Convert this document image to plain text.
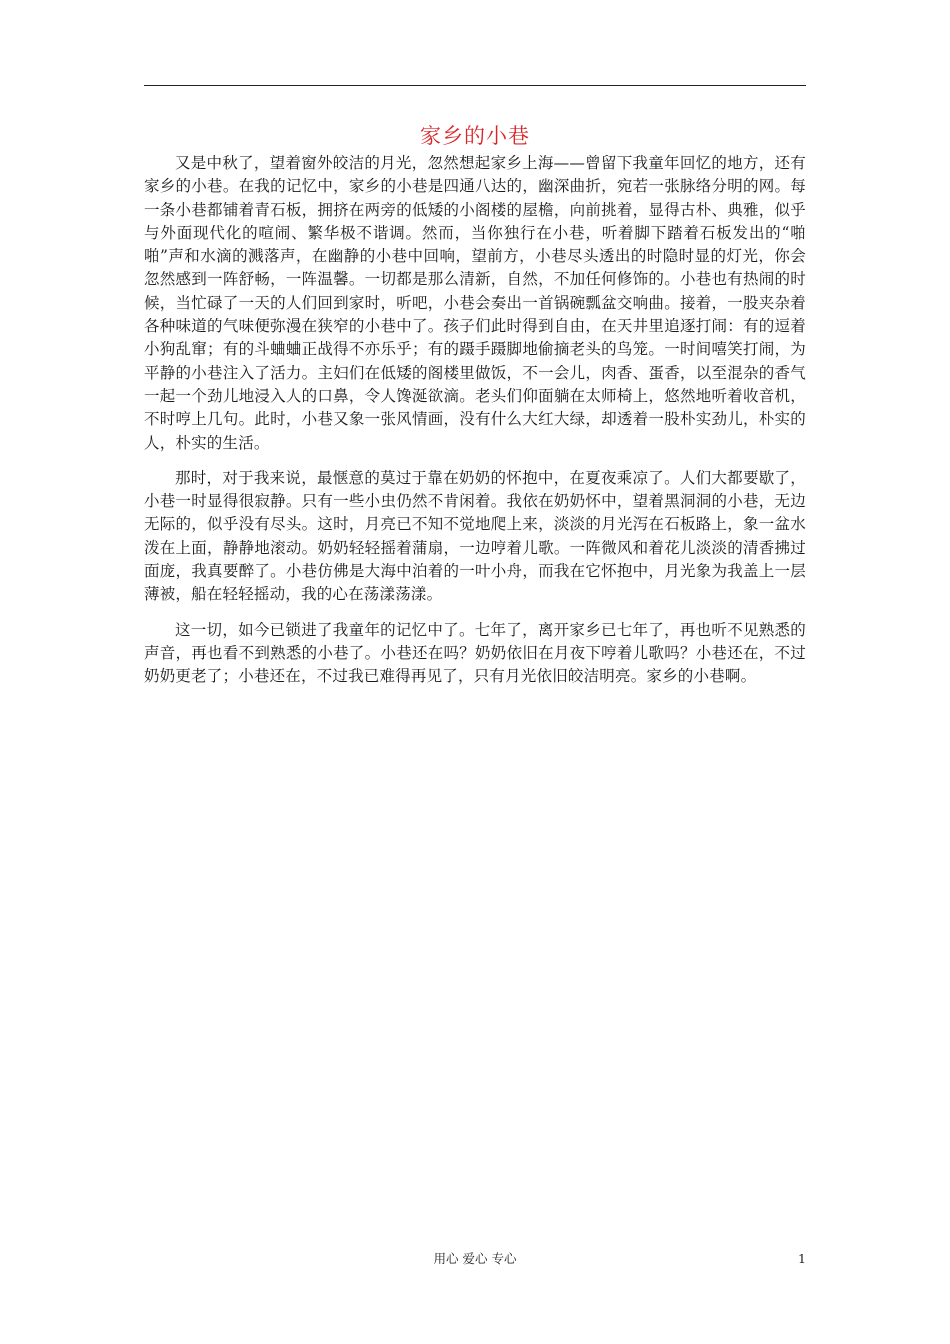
家乡的小巷

又是中秋了，望着窗外皎洁的月光，忽然想起家乡上海——曾留下我童年回忆的地方，还有家乡的小巷。在我的记忆中，家乡的小巷是四通八达的，幽深曲折，宛若一张脉络分明的网。每一条小巷都铺着青石板，拥挤在两旁的低矮的小阁楼的屋檐，向前挑着，显得古朴、典雅，似乎与外面现代化的喧闹、繁华极不谐调。然而，当你独行在小巷，听着脚下踏着石板发出的“啪啪”声和水滴的溅落声，在幽静的小巷中回响，望前方，小巷尽头透出的时隐时显的灯光，你会忽然感到一阵舒畅，一阵温馨。一切都是那么清新，自然，不加任何修饰的。小巷也有热闹的时候，当忙碌了一天的人们回到家时，听吧，小巷会奏出一首锅碗瓢盆交响曲。接着，一股夹杂着各种味道的气味便弥漫在狭窄的小巷中了。孩子们此时得到自由，在天井里追逐打闹：有的逗着小狗乱窜；有的斗蛐蛐正战得不亦乐乎；有的蹑手蹑脚地偷摘老头的鸟笼。一时间嘻笑打闹，为平静的小巷注入了活力。主妇们在低矮的阁楼里做饭，不一会儿，肉香、蛋香，以至混杂的香气一起一个劲儿地浸入人的口鼻，令人馋涎欲滴。老头们仰面躺在太师椅上，悠然地听着收音机，不时哼上几句。此时，小巷又象一张风情画，没有什么大红大绿，却透着一股朴实劲儿，朴实的人，朴实的生活。

那时，对于我来说，最惬意的莫过于靠在奶奶的怀抱中，在夏夜乘凉了。人们大都要歇了，小巷一时显得很寂静。只有一些小虫仍然不肯闲着。我依在奶奶怀中，望着黑洞洞的小巷，无边无际的，似乎没有尽头。这时，月亮已不知不觉地爬上来，淡淡的月光泻在石板路上，象一盆水泼在上面，静静地滚动。奶奶轻轻摇着蒲扇，一边哼着儿歌。一阵微风和着花儿淡淡的清香拂过面庞，我真要醉了。小巷仿佛是大海中泊着的一叶小舟，而我在它怀抱中，月光象为我盖上一层薄被，船在轻轻摇动，我的心在荡漾荡漾。

这一切，如今已锁进了我童年的记忆中了。七年了，离开家乡已七年了，再也听不见熟悉的声音，再也看不到熟悉的小巷了。小巷还在吗？奶奶依旧在月夜下哼着儿歌吗？小巷还在，不过奶奶更老了；小巷还在，不过我已难得再见了，只有月光依旧皎洁明亮。家乡的小巷啊。

用心 爱心 专心	1
